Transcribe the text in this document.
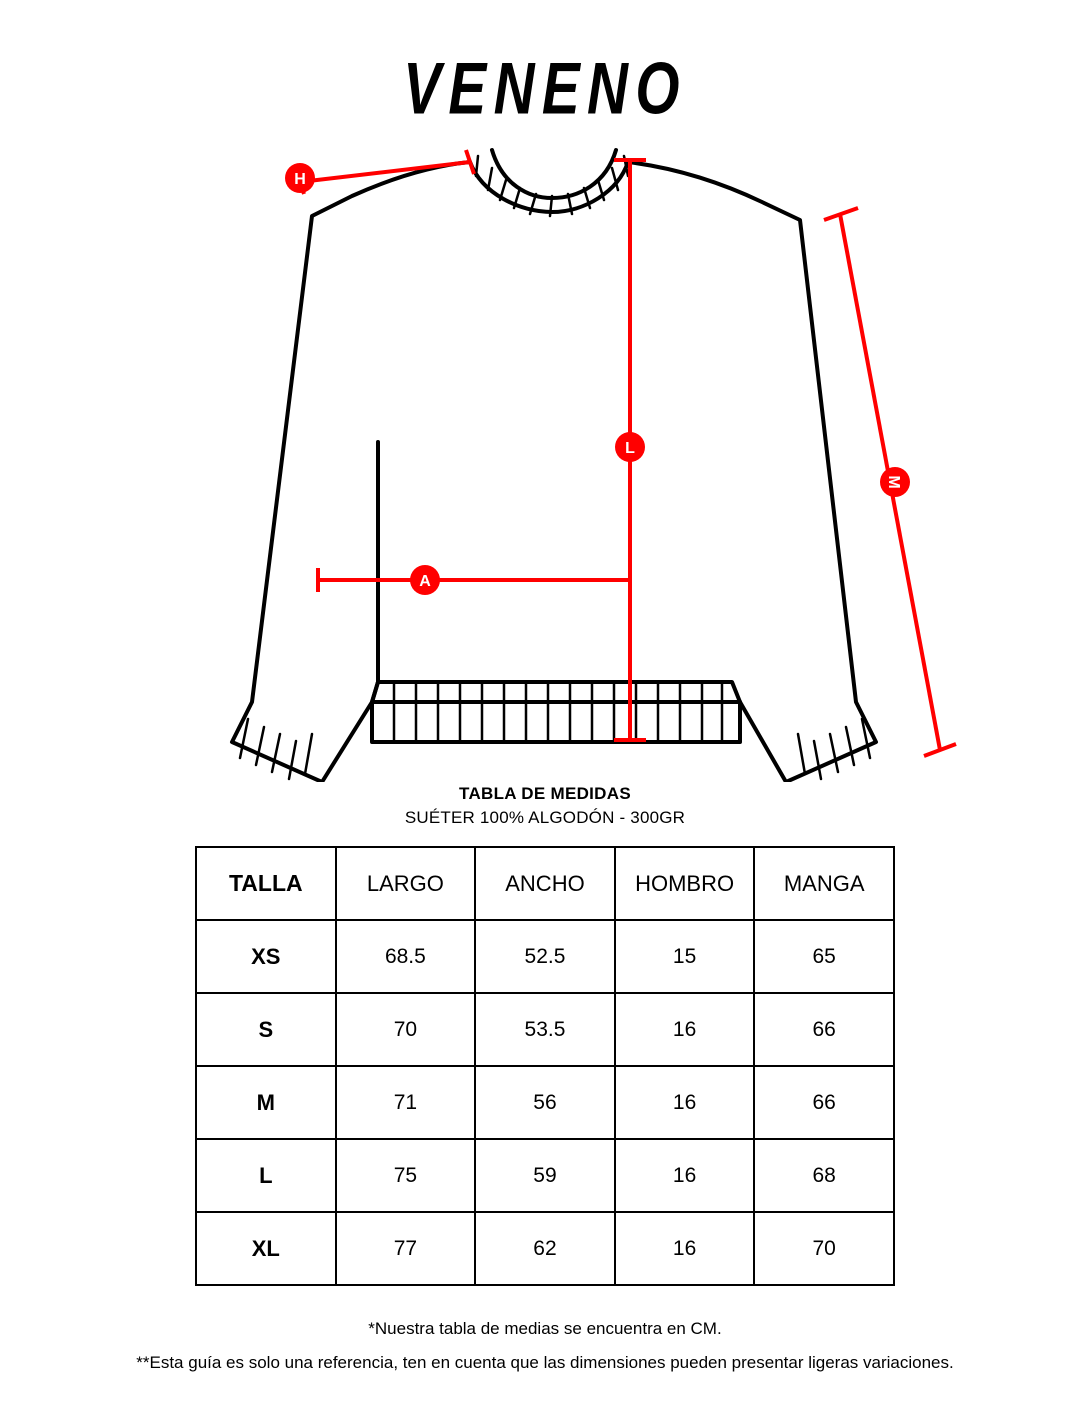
VENENO
H
L
A
M
TABLA DE MEDIDAS
SUÉTER 100% ALGODÓN - 300GR
TALLA	LARGO	ANCHO	HOMBRO	MANGA
XS	68.5	52.5	15	65
S	70	53.5	16	66
M	71	56	16	66
L	75	59	16	68
XL	77	62	16	70
*Nuestra tabla de medias se encuentra en CM.
**Esta guía es solo una referencia, ten en cuenta que las dimensiones pueden presentar ligeras variaciones.
